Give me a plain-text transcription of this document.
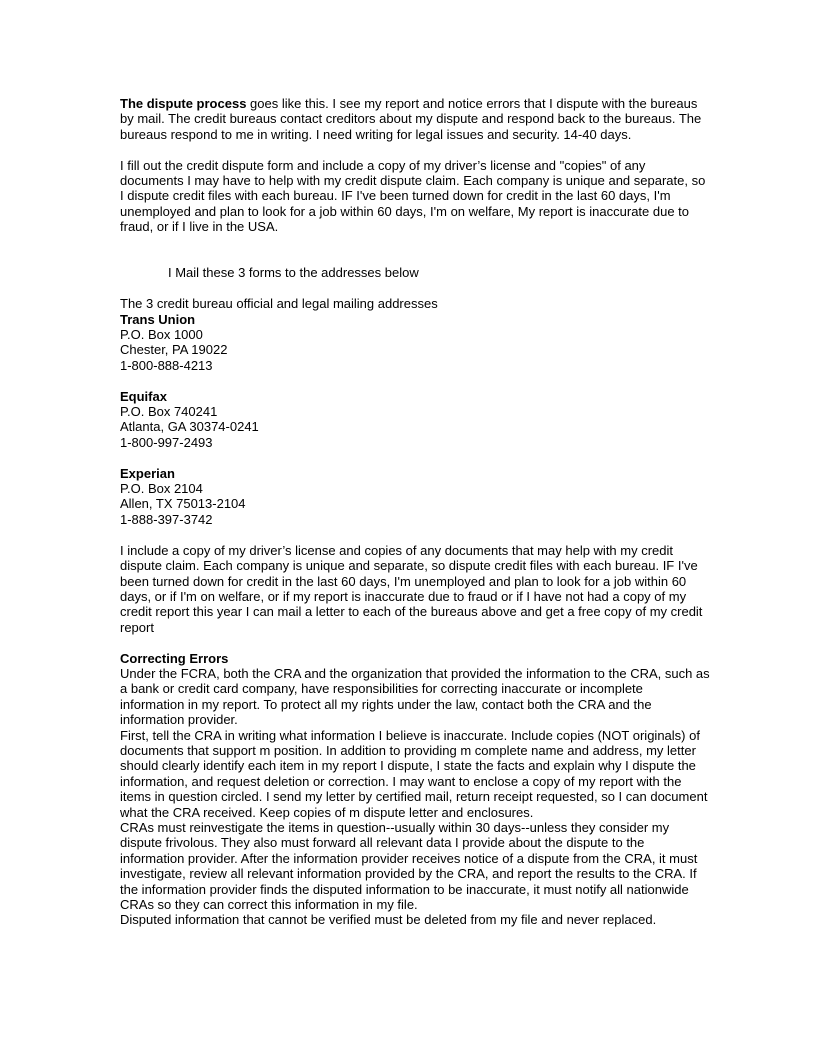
The dispute process goes like this. I see my report and notice errors that I dispute with the bureaus by mail. The credit bureaus contact creditors about my dispute and respond back to the bureaus. The bureaus respond to me in writing. I need writing for legal issues and security. 14-40 days.

I fill out the credit dispute form and include a copy of my driver’s license and "copies" of any documents I may have to help with my credit dispute claim. Each company is unique and separate, so I dispute credit files with each bureau. IF I've been turned down for credit in the last 60 days, I'm unemployed and plan to look for a job within 60 days, I'm on welfare, My report is inaccurate due to fraud, or if I live in the USA.

I Mail these 3 forms to the addresses below

The 3 credit bureau official and legal mailing addresses

Trans Union

P.O. Box 1000

Chester, PA 19022

1-800-888-4213

Equifax

P.O. Box 740241

Atlanta, GA 30374-0241

1-800-997-2493

Experian

P.O. Box 2104

Allen, TX 75013-2104

1-888-397-3742

I include a copy of my driver’s license and copies of any documents that may help with my credit dispute claim. Each company is unique and separate, so dispute credit files with each bureau. IF I've been turned down for credit in the last 60 days, I'm unemployed and plan to look for a job within 60 days, or if I'm on welfare, or if my report is inaccurate due to fraud or if I have not had a copy of my credit report this year I can mail a letter to each of the bureaus above and get a free copy of my credit report

Correcting Errors

Under the FCRA, both the CRA and the organization that provided the information to the CRA, such as a bank or credit card company, have responsibilities for correcting inaccurate or incomplete information in my report. To protect all my rights under the law, contact both the CRA and the information provider.

First, tell the CRA in writing what information I believe is inaccurate. Include copies (NOT originals) of documents that support m position. In addition to providing m complete name and address, my letter should clearly identify each item in my report I dispute, I state the facts and explain why I dispute the information, and request deletion or correction. I may want to enclose a copy of my report with the items in question circled. I send my letter by certified mail, return receipt requested, so I can document what the CRA received. Keep copies of m dispute letter and enclosures.

CRAs must reinvestigate the items in question--usually within 30 days--unless they consider my dispute frivolous. They also must forward all relevant data I provide about the dispute to the information provider. After the information provider receives notice of a dispute from the CRA, it must investigate, review all relevant information provided by the CRA, and report the results to the CRA. If the information provider finds the disputed information to be inaccurate, it must notify all nationwide CRAs so they can correct this information in my file.

Disputed information that cannot be verified must be deleted from my file and never replaced.
